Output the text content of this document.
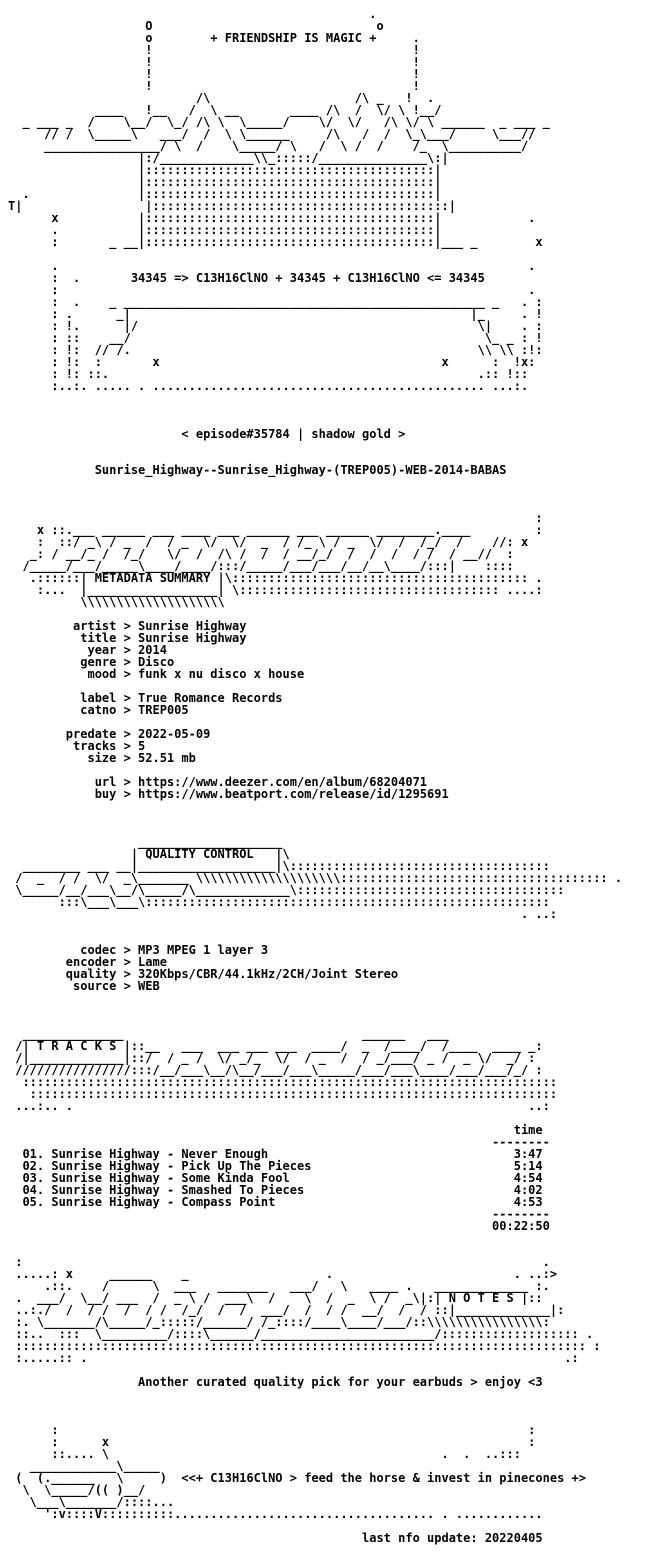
.
O                               o
o        + FRIENDSHIP IS MAGIC +     .
!                                    !
!                                    !
!                                    !
!                                    !
/\                    /\ _   !  .
____   !__   /  \ __       ____ /\  /  \/ \ !__/
_ ___ _  /    \__/  \_/ /\ \  \_____/    \/  \/   /\ \/ \ ______  _ ___ _
// /  \_____\   ___/  /  \ \______     /\   /  /  \_\___/     \___//
________________/ \  /    \_____/ \   /  \ /  /    /_  \__________/
|:/_____________\\_:::::/_______________\:|
|::::::::::::::::::::::::::::::::::::::::|
|::::::::::::::::::::::::::::::::::::::::|
.               |::::::::::::::::::::::::::::::::::::::::|
T|                 |:::::::::::::::::::::::::::::::::::::::::|
x           |::::::::::::::::::::::::::::::::::::::::|            .
.           |::::::::::::::::::::::::::::::::::::::::|
:       _ __|::::::::::::::::::::::::::::::::::::::::|___ _        x

.                                                                 .
:  .       34345 => C13H16ClNO + 34345 + C13H16ClNO <= 34345
:                                                                 .
:  .    _ __________________________________________________ _   . :
: .      _|                                               |_     . !
: !.      |/                                               \|    . :
: ::    __/                                                 \_ _ : !
: !:  // /.                                                \\ \\ :!:
: !:  :       x                                       x      :  !x:
: !: ::.                                                   .:: !::
:..:. ..... . .............................................. ...:.

< episode#35784 | shadow gold >

Sunrise_Highway--Sunrise_Highway-(TREP005)-WEB-2014-BABAS

:
x ::.___ ______ ___ ____ ___ ______ ___ ______ ________.____         :
:  ::/ _\ / _  /  / _  \/  \/  _  / /_ \ / _  \/  /  /_/  /    //: x
_: / __/_ /  /_/   \/  /  /\ /  /  / __/_/  /  /  /  / /  / __//  :
/_____/___/_____\____/____/:::/_____/___/___/__/__\____/:::|    ::::
.::::::| METADATA SUMMARY |\::::::::::::::::::::::::::::::::::::::::: .
:...  |__________________| \:::::::::::::::::::::::::::::::::::: ....:
\\\\\\\\\\\\\\\\\\\\

artist > Sunrise Highway
title > Sunrise Highway
year > 2014
genre > Disco
mood > funk x nu disco x house

label > True Romance Records
catno > TREP005

predate > 2022-05-09
tracks > 5
size > 52.51 mb

url > https://www.deezer.com/en/album/68204071
buy > https://www.beatport.com/release/id/1295691

____________________
| QUALITY CONTROL   |\
________ ___ __|___________________|\::::::::::::::::::::::::::::::::::::
/  _  / /  \/  _\_______ \\\\\\\\\\\\\\\\\\\\::::::::::::::::::::::::::::::::::::: .
\_____/__/___\__/\_____/\_____________\:::::::::::::::::::::::::::::::::::::
:::\___\___\::::::::::::::::::::::::::::::::::::::::::::::::::::::::
. ..:

codec > MP3 MPEG 1 layer 3
encoder > Lame
quality > 320Kbps/CBR/44.1kHz/2CH/Joint Stereo
source > WEB

______________                                 ______   ___
/| T R A C K S |::__   ___  ___ ___ ___  ____/  _  /____/  /____  ____ _:
/|_____________|::/  / _ /  \/ _/_  \/  / _  /  / _/___/ _ /  _ \/  _/ :
////////////////:::/__/___\__/\__/___/___\_____/___/___\____/___/___/_/ :
::::::::::::::::::::::::::::::::::::::::::::::::::::::::::::::::::::::::::
:::::::::::::::::::::::::::::::::::::::::::::::::::::::::::::::::::::::::
...:.. .                                                               ..:

time
--------
01. Sunrise Highway - Never Enough                                  3:47
02. Sunrise Highway - Pick Up The Pieces                            5:14
03. Sunrise Highway - Some Kinda Fool                               4:54
04. Sunrise Highway - Smashed To Pieces                             4:02
05. Sunrise Highway - Compass Point                                 4:53
--------
00:22:50

:                                                                        .
.....: x     ______    _                   .                         . ..:>
.::.    /      \  ___   _______   ___/   \   ____ .   _____________ :.
.  ___/  \__/ ___  /  _ \ /  ___\  /    \  /  _  \ /  _\|:| N O T E S |::
..:./  /  / /  /  / /  /_/  /  /  ___/  /  / /  __/  /  / ::|_____________|:
:. \_______/\_____/_:::::/______/ /_::::/____\____/___/::\\\\\\\\\\\\\\\\:
::..  :::  \_________/::::\______/________________________/::::::::::::::::::: .
::::::::::::::::::::::::::::::::::::::::::::::::::::::::::::::::::::::::::::::: :
:.....:: .                                                                  .:

Another curated quality pick for your earbuds > enjoy <3

:                                                                 :
:      x                                                          :
::.... \                                              .  .  ..:::
____________\_____
(  (.______   \     )  <<+ C13H16ClNO > feed the horse & invest in pinecones +>
\  \_____/(( )__/
\___\_______/::::...
':v::::V::::::::::.................................... . ............

last nfo update: 20220405
